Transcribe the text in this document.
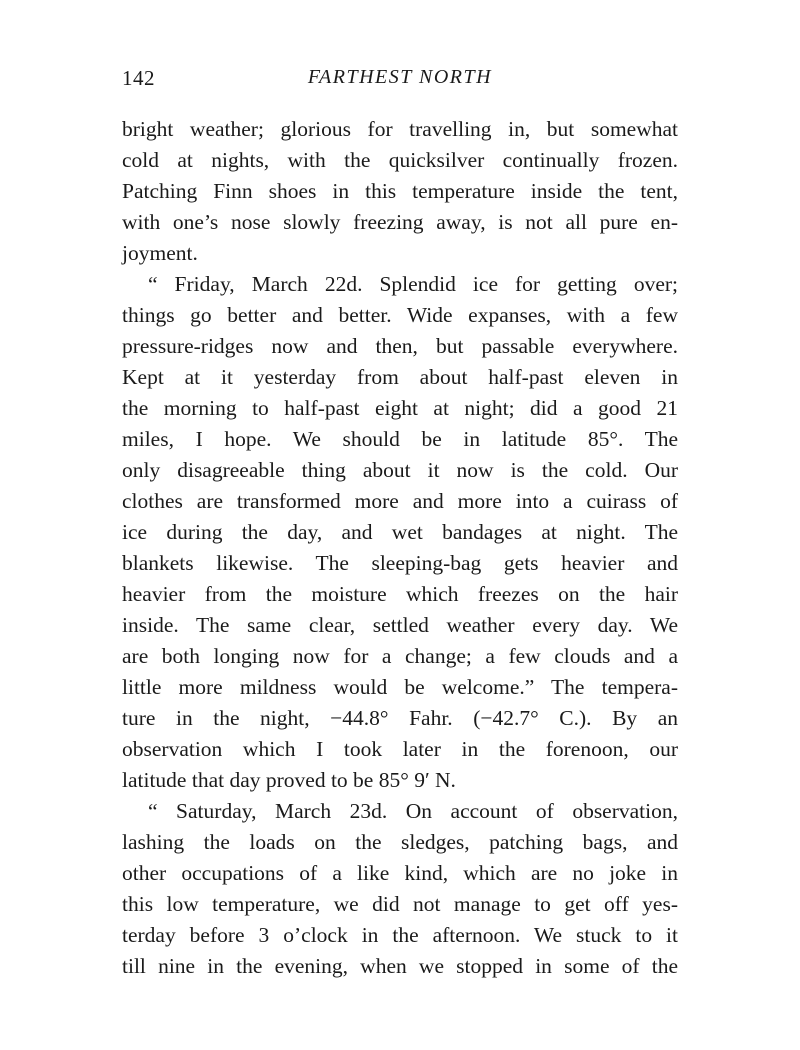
142	FARTHEST NORTH
bright weather; glorious for travelling in, but somewhat
cold at nights, with the quicksilver continually frozen.
Patching Finn shoes in this temperature inside the tent,
with one’s nose slowly freezing away, is not all pure en-
joyment.
“ Friday, March 22d. Splendid ice for getting over;
things go better and better. Wide expanses, with a few
pressure-ridges now and then, but passable everywhere.
Kept at it yesterday from about half-past eleven in
the morning to half-past eight at night; did a good 21
miles, I hope. We should be in latitude 85°. The
only disagreeable thing about it now is the cold. Our
clothes are transformed more and more into a cuirass of
ice during the day, and wet bandages at night. The
blankets likewise. The sleeping-bag gets heavier and
heavier from the moisture which freezes on the hair
inside. The same clear, settled weather every day. We
are both longing now for a change; a few clouds and a
little more mildness would be welcome.” The tempera-
ture in the night, −44.8° Fahr. (−42.7° C.). By an
observation which I took later in the forenoon, our
latitude that day proved to be 85° 9′ N.
“ Saturday, March 23d. On account of observation,
lashing the loads on the sledges, patching bags, and
other occupations of a like kind, which are no joke in
this low temperature, we did not manage to get off yes-
terday before 3 o’clock in the afternoon. We stuck to it
till nine in the evening, when we stopped in some of the
